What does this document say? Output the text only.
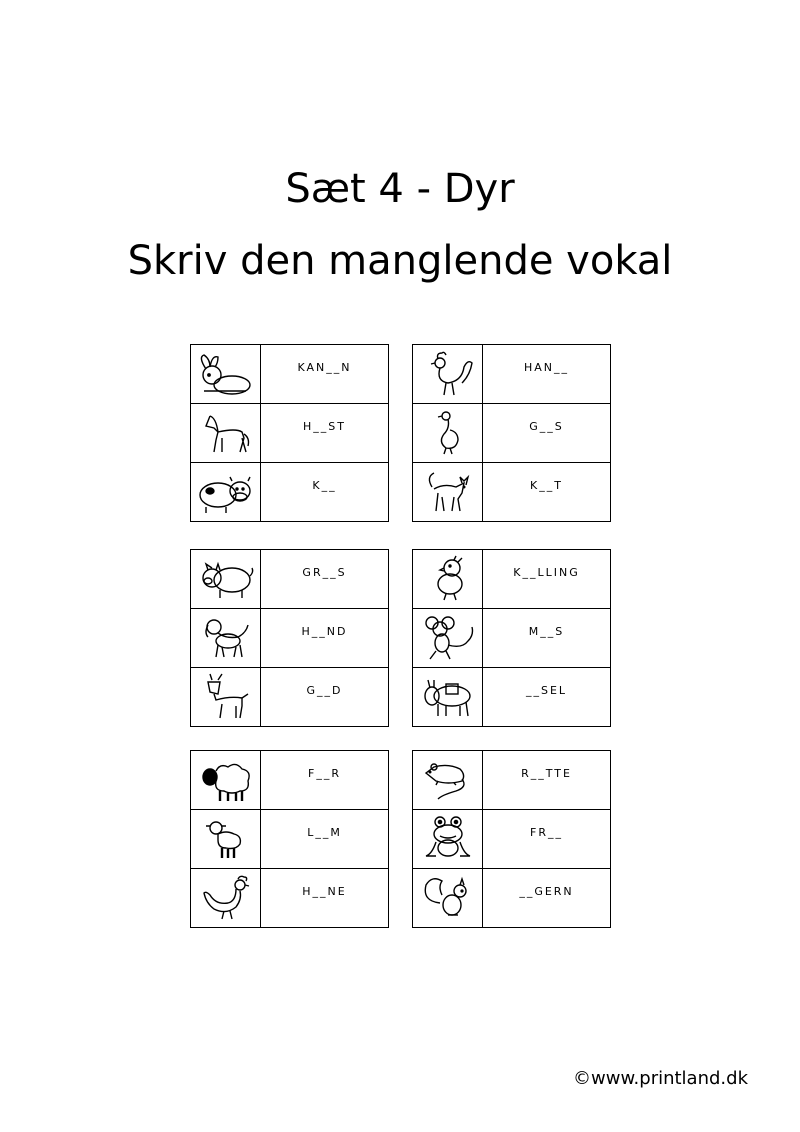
Sæt 4 - Dyr
Skriv den manglende vokal
	KAN__N

	H__ST

	K__
	HAN__

	G__S

	K__T
	GR__S

	H__ND

	G__D
	K__LLING

	M__S

	__SEL
	F__R

	L__M

	H__NE
	R__TTE

	FR__

	__GERN
©www.printland.dk
